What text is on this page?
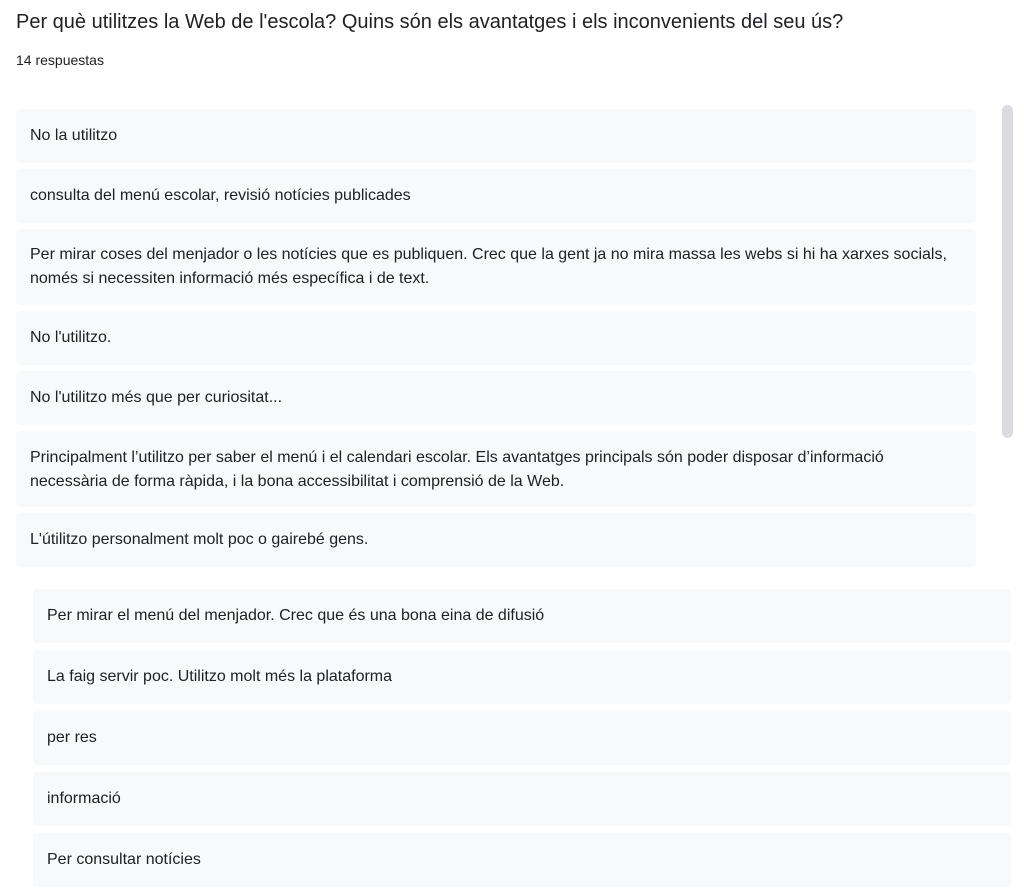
Per què utilitzes la Web de l'escola? Quins són els avantatges i els inconvenients del seu ús?
14 respuestas
No la utilitzo
consulta del menú escolar, revisió notícies publicades
Per mirar coses del menjador o les notícies que es publiquen. Crec que la gent ja no mira massa les webs si hi ha xarxes socials, només si necessiten informació més específica i de text.
No l'utilitzo.
No l'utilitzo més que per curiositat...
Principalment l’utilitzo per saber el menú i el calendari escolar. Els avantatges principals són poder disposar d’informació necessària de forma ràpida, i la bona accessibilitat i comprensió de la Web.
L'útilitzo personalment molt poc o gairebé gens.
Per mirar el menú del menjador. Crec que és una bona eina de difusió
La faig servir poc. Utilitzo molt més la plataforma
per res
informació
Per consultar notícies
